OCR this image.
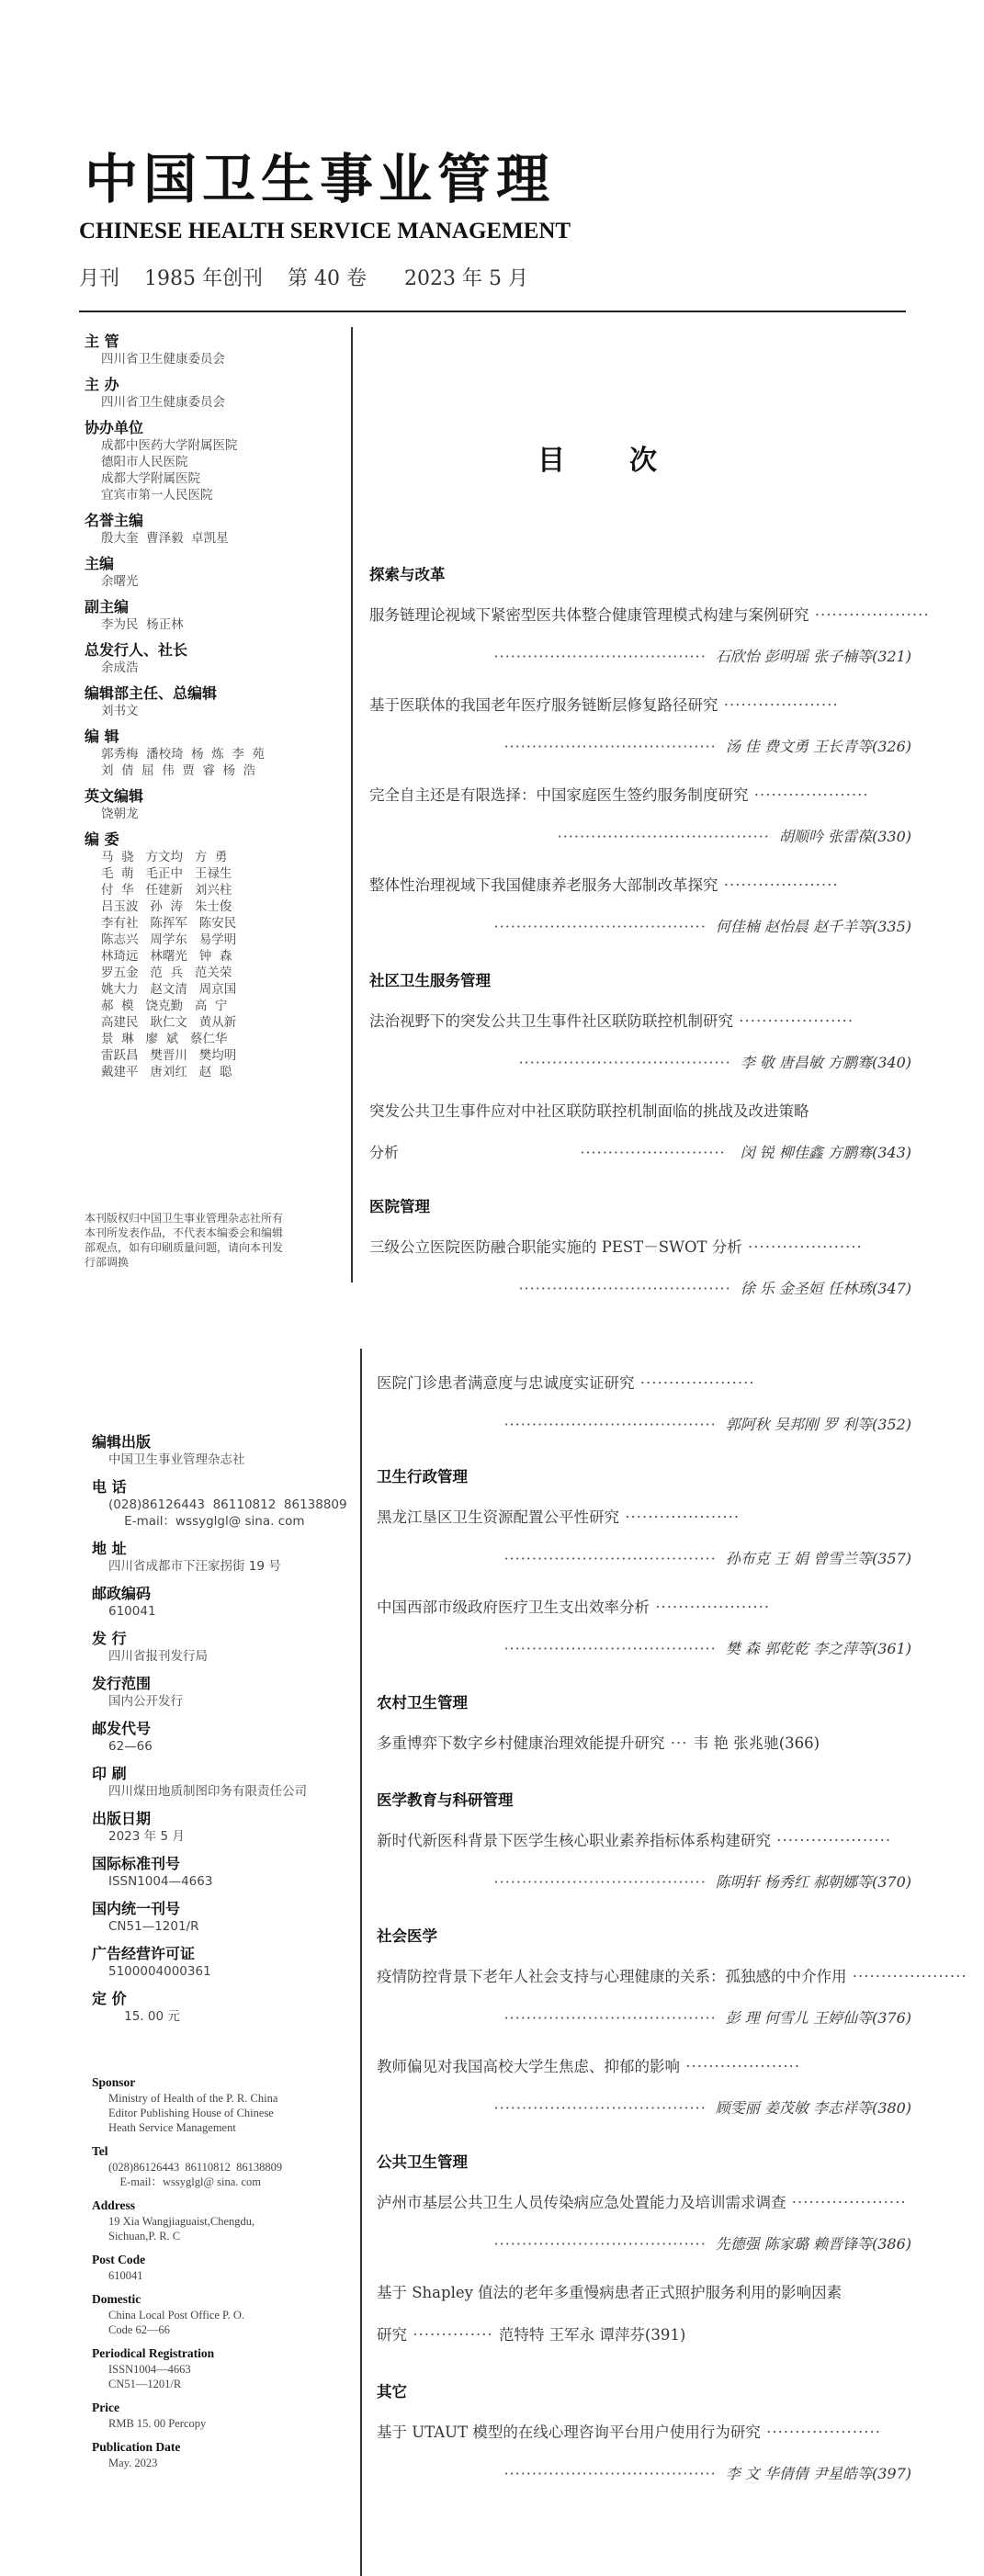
中国卫生事业管理
CHINESE HEALTH SERVICE MANAGEMENT
月刊 1985 年创刊 第 40 卷 2023 年 5 月
主 管
四川省卫生健康委员会
主 办
四川省卫生健康委员会
协办单位
成都中医药大学附属医院
德阳市人民医院
成都大学附属医院
宜宾市第一人民医院
名誉主编
殷大奎  曹泽毅  卓凯星
主编
余曙光
副主编
李为民  杨正林
总发行人、社长
余成浩
编辑部主任、总编辑
刘书文
编 辑
郭秀梅  潘校琦  杨  炼  李  苑
刘  倩  屈  伟  贾  睿  杨  浩
英文编辑
饶朝龙
编 委
马  骁   方文均   方  勇
毛  萌   毛正中   王禄生
付  华   任建新   刘兴柱
吕玉波   孙  涛   朱士俊
李有社   陈挥军   陈安民
陈志兴   周学东   易学明
林琦远   林曙光   钟  森
罗五金   范  兵   范关荣
姚大力   赵文清   周京国
郝  模   饶克勤   高  宁
高建民   耿仁文   黄从新
景  琳   廖  斌   蔡仁华
雷跃昌   樊晋川   樊均明
戴建平   唐刘红   赵  聪
本刊版权归中国卫生事业管理杂志社所有
本刊所发表作品，不代表本编委会和编辑
部观点，如有印刷质量问题，请向本刊发
行部调换
编辑出版
中国卫生事业管理杂志社
电 话
(028)86126443  86110812  86138809
E-mail：wssyglgl@ sina. com
地 址
四川省成都市下汪家拐街 19 号
邮政编码
610041
发 行
四川省报刊发行局
发行范围
国内公开发行
邮发代号
62—66
印 刷
四川煤田地质制图印务有限责任公司
出版日期
2023 年 5 月
国际标准刊号
ISSN1004—4663
国内统一刊号
CN51—1201/R
广告经营许可证
5100004000361
定 价
15. 00 元
Sponsor
Ministry of Health of the P. R. China
Editor Publishing House of Chinese
Heath Service Management
Tel
(028)86126443  86110812  86138809
E-mail：wssyglgl@ sina. com
Address
19 Xia Wangjiaguaist,Chengdu,
Sichuan,P. R. C
Post Code
610041
Domestic
China Local Post Office P. O.
Code 62—66
Periodical Registration
ISSN1004—4663
CN51—1201/R
Price
RMB 15. 00 Percopy
Publication Date
May. 2023
目次
探索与改革
服务链理论视域下紧密型医共体整合健康管理模式构建与案例研究 ····················
······································ 石欣怡 彭明瑶 张子楠等(321)
基于医联体的我国老年医疗服务链断层修复路径研究 ····················
······································ 汤 佳 费文勇 王长青等(326)
完全自主还是有限选择：中国家庭医生签约服务制度研究 ····················
······································ 胡顺吟 张雷葆(330)
整体性治理视域下我国健康养老服务大部制改革探究 ····················
······································ 何佳楠 赵怡晨 赵千羊等(335)
社区卫生服务管理
法治视野下的突发公共卫生事件社区联防联控机制研究 ····················
······································ 李 敬 唐昌敏 方鹏骞(340)
突发公共卫生事件应对中社区联防联控机制面临的挑战及改进策略
分析	·························· 闵 锐 柳佳鑫 方鹏骞(343)
医院管理
三级公立医院医防融合职能实施的 PEST－SWOT 分析 ····················
······································ 徐 乐 金圣姮 任林琇(347)
医院门诊患者满意度与忠诚度实证研究 ····················
······································ 郭阿秋 吴邦刚 罗 利等(352)
卫生行政管理
黑龙江垦区卫生资源配置公平性研究 ····················
······································ 孙布克 王 娟 曾雪兰等(357)
中国西部市级政府医疗卫生支出效率分析 ····················
······································ 樊 森 郭乾乾 李之萍等(361)
农村卫生管理
多重博弈下数字乡村健康治理效能提升研究 ··· 韦 艳 张兆驰(366)
医学教育与科研管理
新时代新医科背景下医学生核心职业素养指标体系构建研究 ····················
······································ 陈明轩 杨秀红 郝朝娜等(370)
社会医学
疫情防控背景下老年人社会支持与心理健康的关系：孤独感的中介作用 ····················
······································ 彭 理 何雪儿 王婷仙等(376)
教师偏见对我国高校大学生焦虑、抑郁的影响 ····················
······································ 顾雯丽 姜茂敏 李志祥等(380)
公共卫生管理
泸州市基层公共卫生人员传染病应急处置能力及培训需求调查 ····················
······································ 先德强 陈家璐 赖晋锋等(386)
基于 Shapley 值法的老年多重慢病患者正式照护服务利用的影响因素
研究 ·············· 范特特 王军永 谭萍芬(391)
其它
基于 UTAUT 模型的在线心理咨询平台用户使用行为研究 ····················
······································ 李 文 华倩倩 尹星皓等(397)
